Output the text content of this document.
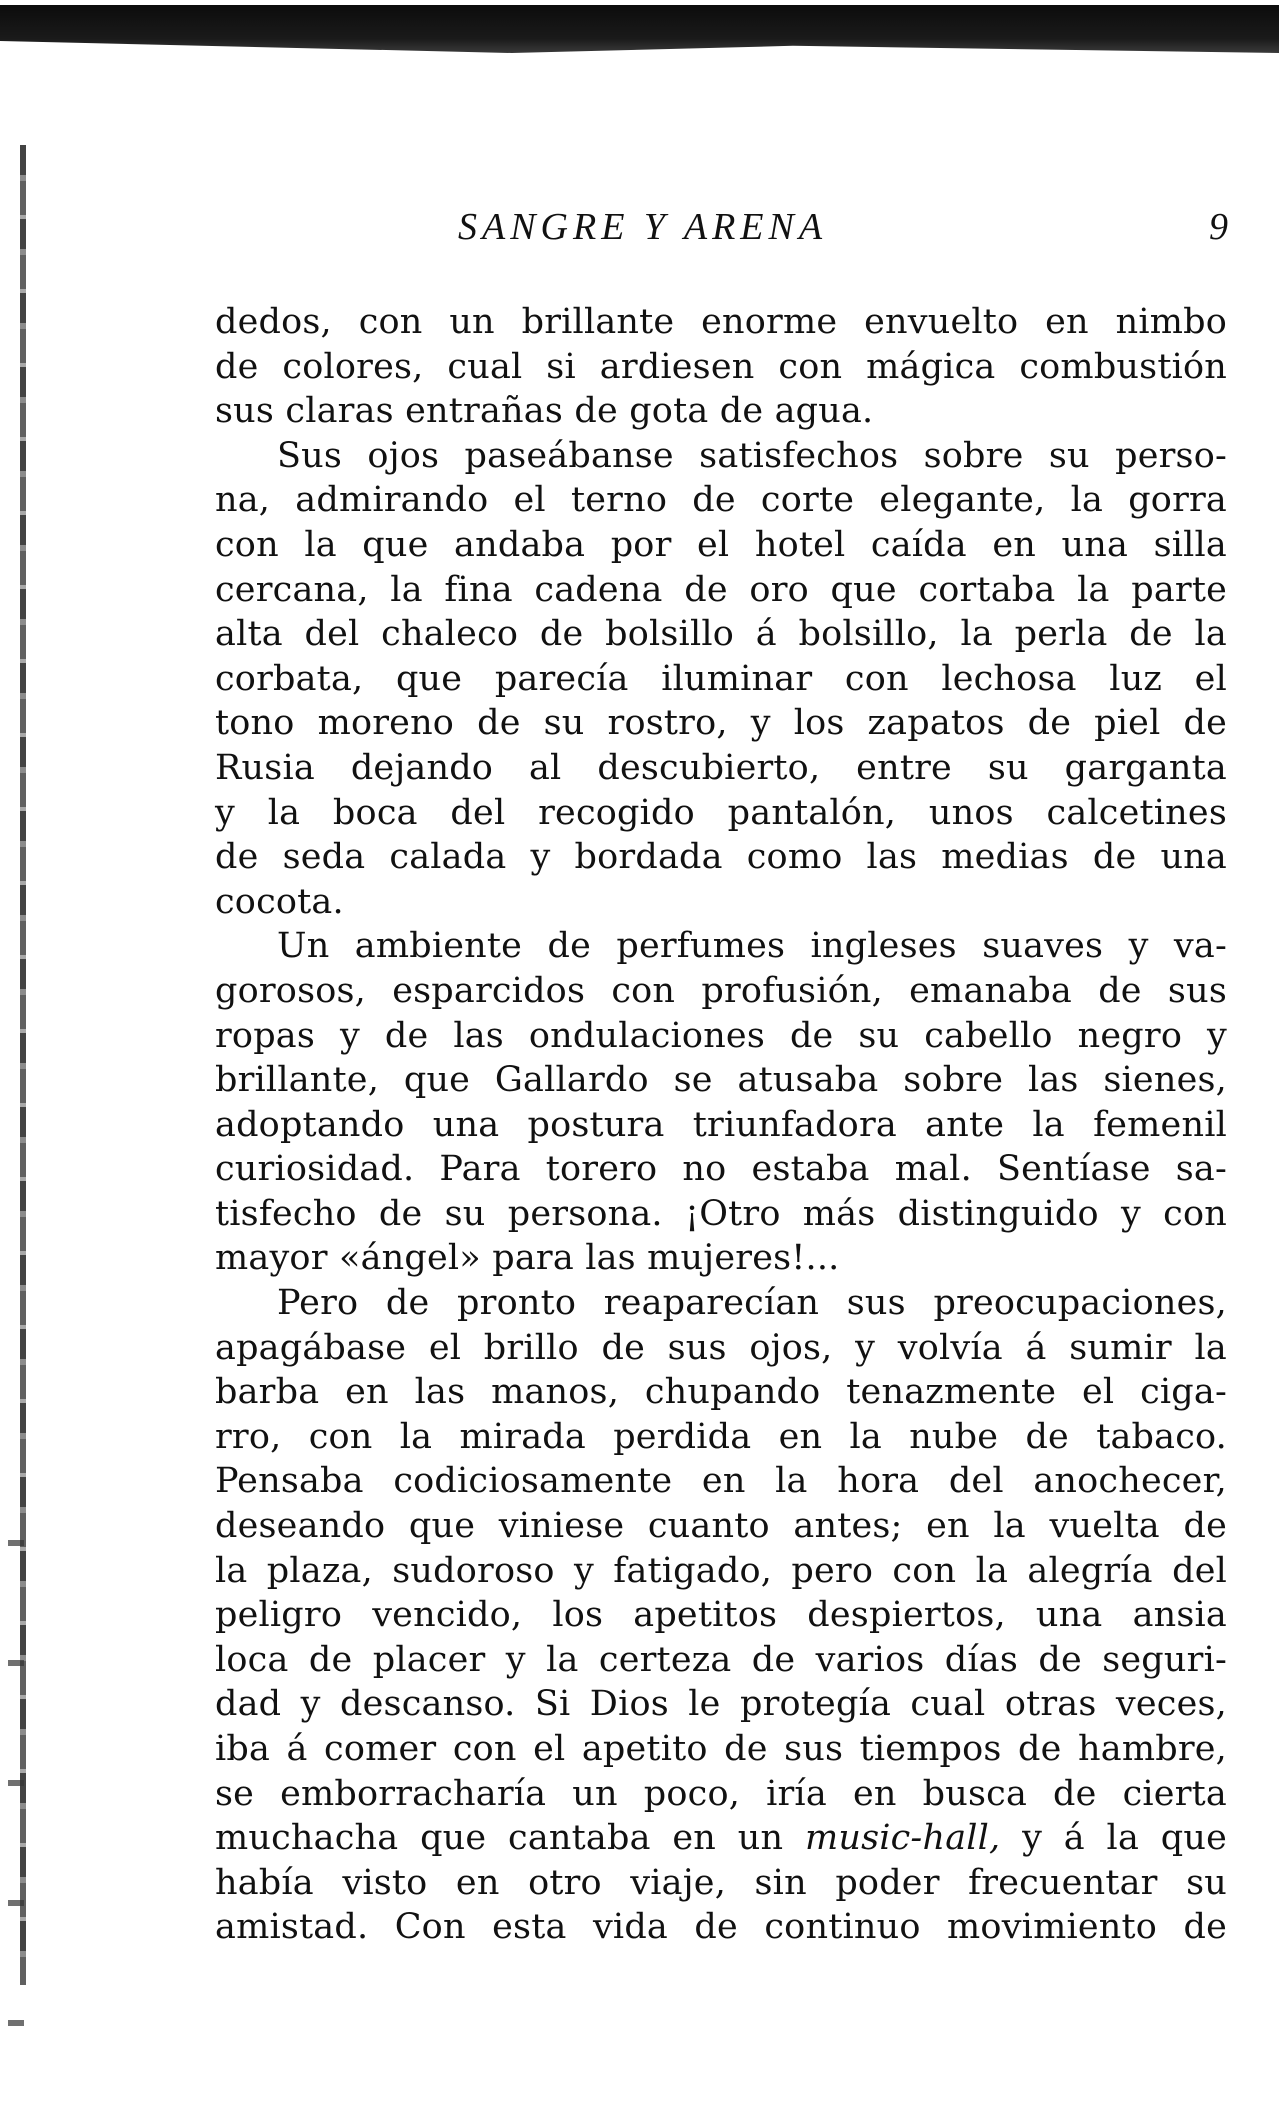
SANGRE Y ARENA	9
dedos, con un brillante enorme envuelto en nimbo
de colores, cual si ardiesen con mágica combustión
sus claras entrañas de gota de agua.
Sus ojos paseábanse satisfechos sobre su perso-
na, admirando el terno de corte elegante, la gorra
con la que andaba por el hotel caída en una silla
cercana, la fina cadena de oro que cortaba la parte
alta del chaleco de bolsillo á bolsillo, la perla de la
corbata, que parecía iluminar con lechosa luz el
tono moreno de su rostro, y los zapatos de piel de
Rusia dejando al descubierto, entre su garganta
y la boca del recogido pantalón, unos calcetines
de seda calada y bordada como las medias de una
cocota.
Un ambiente de perfumes ingleses suaves y va-
gorosos, esparcidos con profusión, emanaba de sus
ropas y de las ondulaciones de su cabello negro y
brillante, que Gallardo se atusaba sobre las sienes,
adoptando una postura triunfadora ante la femenil
curiosidad. Para torero no estaba mal. Sentíase sa-
tisfecho de su persona. ¡Otro más distinguido y con
mayor «ángel» para las mujeres!...
Pero de pronto reaparecían sus preocupaciones,
apagábase el brillo de sus ojos, y volvía á sumir la
barba en las manos, chupando tenazmente el ciga-
rro, con la mirada perdida en la nube de tabaco.
Pensaba codiciosamente en la hora del anochecer,
deseando que viniese cuanto antes; en la vuelta de
la plaza, sudoroso y fatigado, pero con la alegría del
peligro vencido, los apetitos despiertos, una ansia
loca de placer y la certeza de varios días de seguri-
dad y descanso. Si Dios le protegía cual otras veces,
iba á comer con el apetito de sus tiempos de hambre,
se emborracharía un poco, iría en busca de cierta
muchacha que cantaba en un music-hall, y á la que
había visto en otro viaje, sin poder frecuentar su
amistad. Con esta vida de continuo movimiento de
